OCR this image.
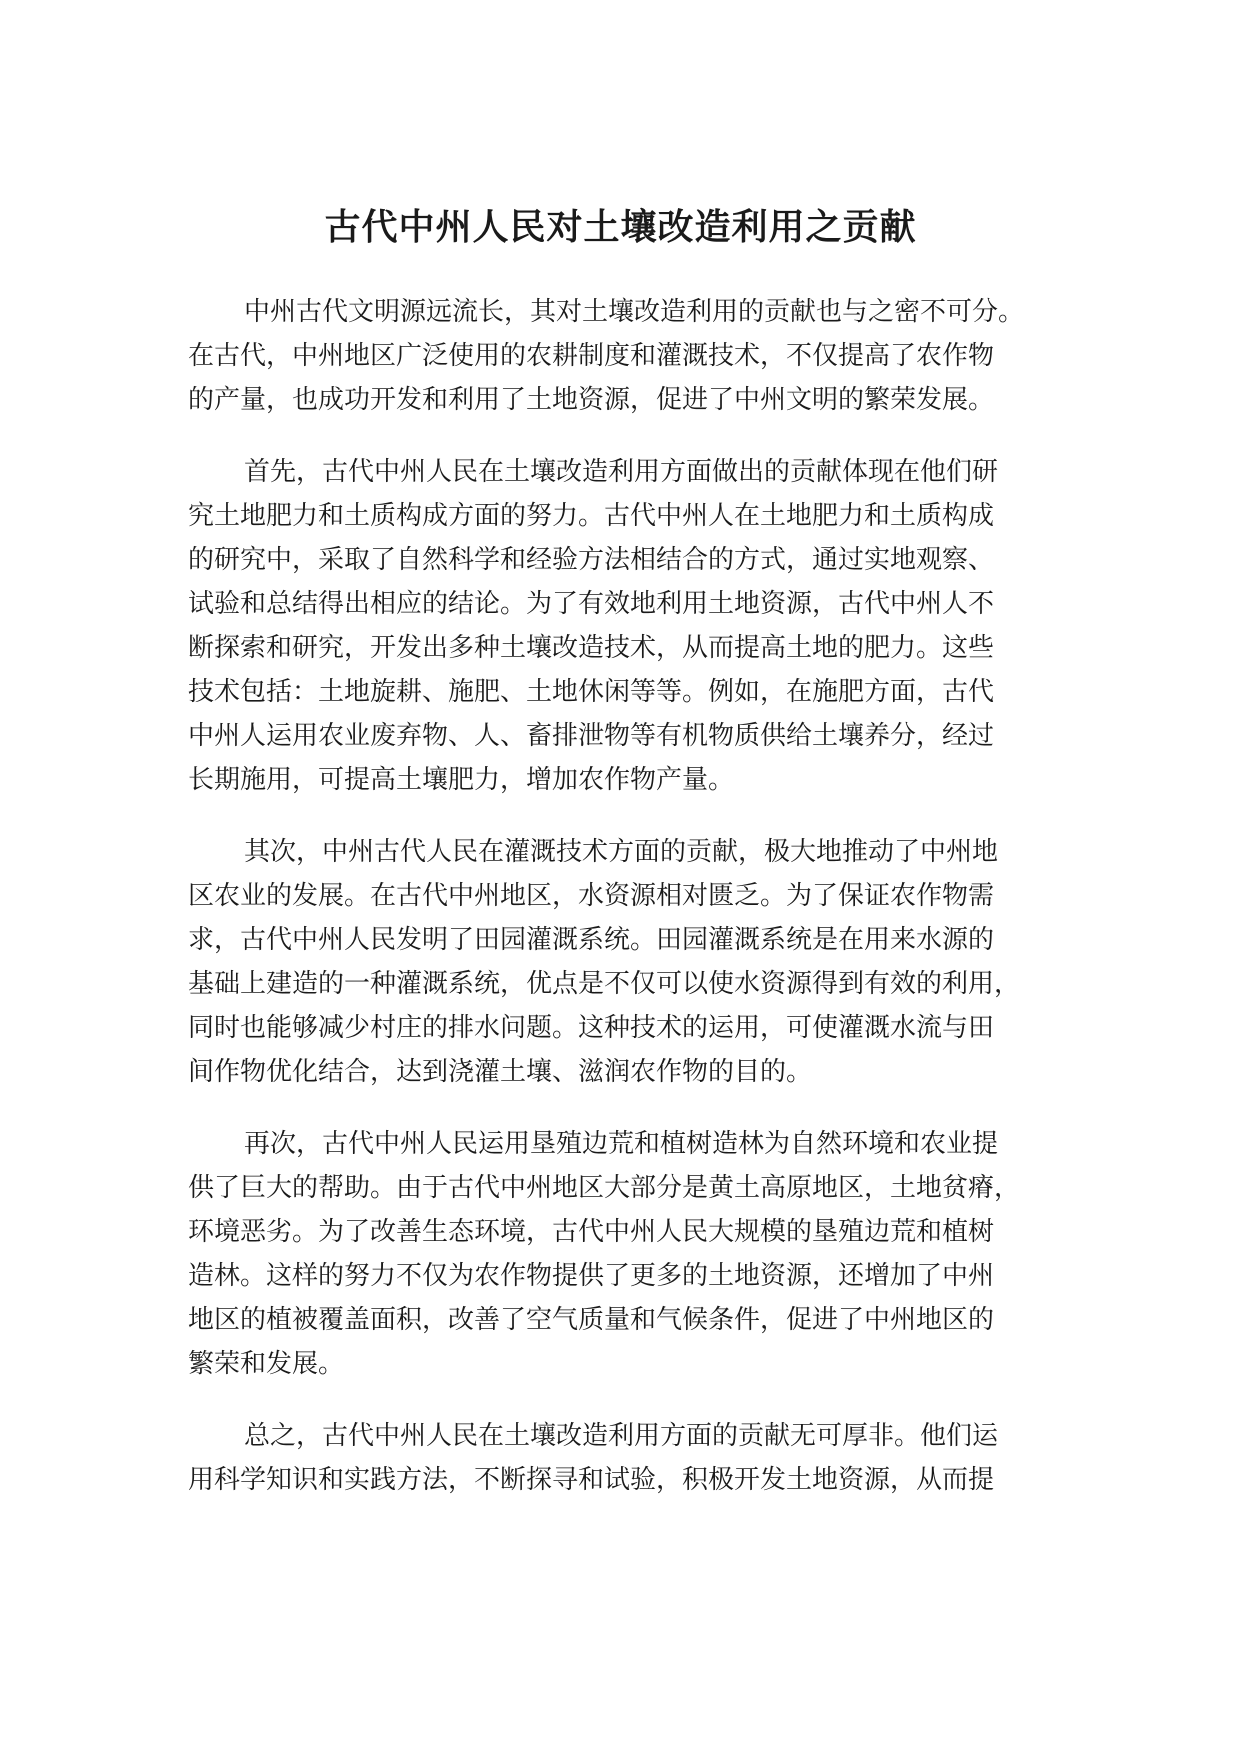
古代中州人民对土壤改造利用之贡献
中州古代文明源远流长，其对土壤改造利用的贡献也与之密不可分。
在古代，中州地区广泛使用的农耕制度和灌溉技术，不仅提高了农作物
的产量，也成功开发和利用了土地资源，促进了中州文明的繁荣发展。
首先，古代中州人民在土壤改造利用方面做出的贡献体现在他们研
究土地肥力和土质构成方面的努力。古代中州人在土地肥力和土质构成
的研究中，采取了自然科学和经验方法相结合的方式，通过实地观察、
试验和总结得出相应的结论。为了有效地利用土地资源，古代中州人不
断探索和研究，开发出多种土壤改造技术，从而提高土地的肥力。这些
技术包括：土地旋耕、施肥、土地休闲等等。例如，在施肥方面，古代
中州人运用农业废弃物、人、畜排泄物等有机物质供给土壤养分，经过
长期施用，可提高土壤肥力，增加农作物产量。
其次，中州古代人民在灌溉技术方面的贡献，极大地推动了中州地
区农业的发展。在古代中州地区，水资源相对匮乏。为了保证农作物需
求，古代中州人民发明了田园灌溉系统。田园灌溉系统是在用来水源的
基础上建造的一种灌溉系统，优点是不仅可以使水资源得到有效的利用，
同时也能够减少村庄的排水问题。这种技术的运用，可使灌溉水流与田
间作物优化结合，达到浇灌土壤、滋润农作物的目的。
再次，古代中州人民运用垦殖边荒和植树造林为自然环境和农业提
供了巨大的帮助。由于古代中州地区大部分是黄土高原地区，土地贫瘠，
环境恶劣。为了改善生态环境，古代中州人民大规模的垦殖边荒和植树
造林。这样的努力不仅为农作物提供了更多的土地资源，还增加了中州
地区的植被覆盖面积，改善了空气质量和气候条件，促进了中州地区的
繁荣和发展。
总之，古代中州人民在土壤改造利用方面的贡献无可厚非。他们运
用科学知识和实践方法，不断探寻和试验，积极开发土地资源，从而提
